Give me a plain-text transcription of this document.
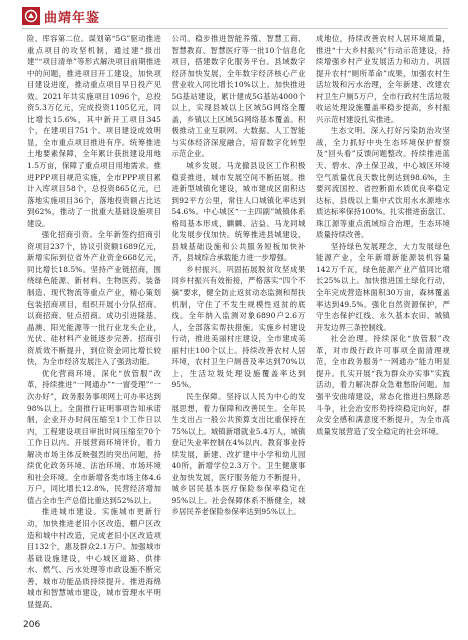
曲靖年鉴

险、库容第二位。谋划第“5G”驱动推进重点项目的攻坚机制，通过建“报出建”“项目清单”等形式解决项目前期推进中的问题，推进项目开工建设，加快项目建设进度，推动重点项目早日投产见效。2021年共实施项目1096个，总投资5.3万亿元，完成投资1105亿元，同比增长15.6%，其中新开工项目345个，在建项目751个。项目建设成效明显，全市重点项目推进有序。统筹推进土地要素保障，全年累计获批建设用地1.5万亩，保障了重点项目用地需求。推进PPP项目规范实施，全市PPP项目累计入库项目58个，总投资865亿元，已落地实施项目36个，落地投资额占比达到62%，推动了一批重大基础设施项目建设。

强化招商引资。全年新签约招商引资项目237个，协议引资额1689亿元，新增实际到位省外产业资金668亿元，同比增长18.5%。坚持产业链招商，围绕绿色能源、新材料、生物医药、装备制造、现代物流等重点产业，精心策划包装招商项目，组织开展小分队招商、以商招商、驻点招商。成功引进隆基、晶澳、阳光能源等一批行业龙头企业，光伏、硅材料产业链逐步完善。招商引资质效不断提升，到位资金同比增长较快，为全市经济发展注入了强劲动能。

优化营商环境。深化“放管服”改革，持续推进“一网通办”“一窗受理”“一次办好”，政务服务事项网上可办率达到98%以上。全面推行证明事项告知承诺制，企业开办时间压缩至1个工作日以内，工程建设项目审批时间压缩至70个工作日以内。开展营商环境评价，着力解决市场主体反映强烈的突出问题，持续优化政务环境、法治环境、市场环境和社会环境。全市新增各类市场主体4.6万户，同比增长12.8%，民营经济增加值占全市生产总值比重达到52%以上。

推进城市建设。实施城市更新行动，加快推进老旧小区改造、棚户区改造和城中村改造，完成老旧小区改造项目132个，惠及群众2.1万户。加强城市基础设施建设，中心城区道路、供排水、燃气、污水处理等市政设施不断完善，城市功能品质持续提升。推进海绵城市和智慧城市建设，城市管理水平明显提高。

公司。稳步推进智能养殖、智慧工商、智慧教育、智慧医疗等一批10个信息化项目，搭建数字化服务平台。县域数字经济加快发展，全年数字经济核心产业营业收入同比增长10%以上。加快推进5G基站建设，累计建成5G基站4000个以上，实现县城以上区域5G网络全覆盖，乡镇以上区域5G网络基本覆盖。积极推动工业互联网、大数据、人工智能与实体经济深度融合，培育数字化转型示范企业。

城乡发展。马龙撤县设区工作积极稳妥推进，城市发展空间不断拓展。推进新型城镇化建设，城市建成区面积达到92平方公里，常住人口城镇化率达到54.6%。中心城区“一主四副”城镇体系格局基本形成，麒麟、沾益、马龙同城化发展步伐加快。统筹推进县城建设，县城基础设施和公共服务短板加快补齐，县城综合承载能力进一步增强。

乡村振兴。巩固拓展脱贫攻坚成果同乡村振兴有效衔接，严格落实“四个不摘”要求，健全防止返贫动态监测和帮扶机制，守住了不发生规模性返贫的底线。全年纳入监测对象6890户2.6万人，全部落实帮扶措施。实施乡村建设行动，推进美丽村庄建设，全市建成美丽村庄100个以上。持续改善农村人居环境，农村卫生户厕普及率达到70%以上，生活垃圾处理设施覆盖率达到95%。

民生保障。坚持以人民为中心的发展思想，着力保障和改善民生。全年民生支出占一般公共预算支出比重保持在75%以上。城镇新增就业5.4万人，城镇登记失业率控制在4%以内。教育事业持续发展，新建、改扩建中小学和幼儿园40所，新增学位2.3万个。卫生健康事业加快发展，医疗服务能力不断提升，城乡居民基本医疗保险参保率稳定在95%以上。社会保障体系不断健全，城乡居民养老保险参保率达到95%以上。

成地位，持续改善农村人居环境质量，推进“十大乡村振兴”行动示范建设，持续增强乡村产业发展活力和动力。巩固提升农村“厕所革命”成果，加强农村生活垃圾和污水治理，全年新建、改建农村卫生户厕5万户，全市行政村生活垃圾收运处理设施覆盖率稳步提高，乡村振兴示范村建设扎实推进。

生态文明。深入打好污染防治攻坚战，全力抓好中央生态环境保护督察及“回头看”反馈问题整改。持续推进蓝天、碧水、净土保卫战，中心城区环境空气质量优良天数比例达到98.6%，主要河流国控、省控断面水质优良率稳定达标，县级以上集中式饮用水水源地水质达标率保持100%。扎实推进南盘江、珠江源等重点流域综合治理，生态环境质量持续改善。

坚持绿色发展理念，大力发展绿色能源产业，全年新增新能源装机容量142万千瓦，绿色能源产业产值同比增长25%以上。加快推进国土绿化行动，全年完成营造林面积30万亩，森林覆盖率达到49.5%。强化自然资源保护，严守生态保护红线、永久基本农田、城镇开发边界三条控制线。

社会治理。持续深化“放管服”改革，对市级行政许可事项全面清理规范，全市政务服务“一网通办”能力明显提升。扎实开展“我为群众办实事”实践活动，着力解决群众急难愁盼问题。加强平安曲靖建设，常态化推进扫黑除恶斗争，社会治安形势持续稳定向好，群众安全感和满意度不断提升，为全市高质量发展营造了安全稳定的社会环境。

206
